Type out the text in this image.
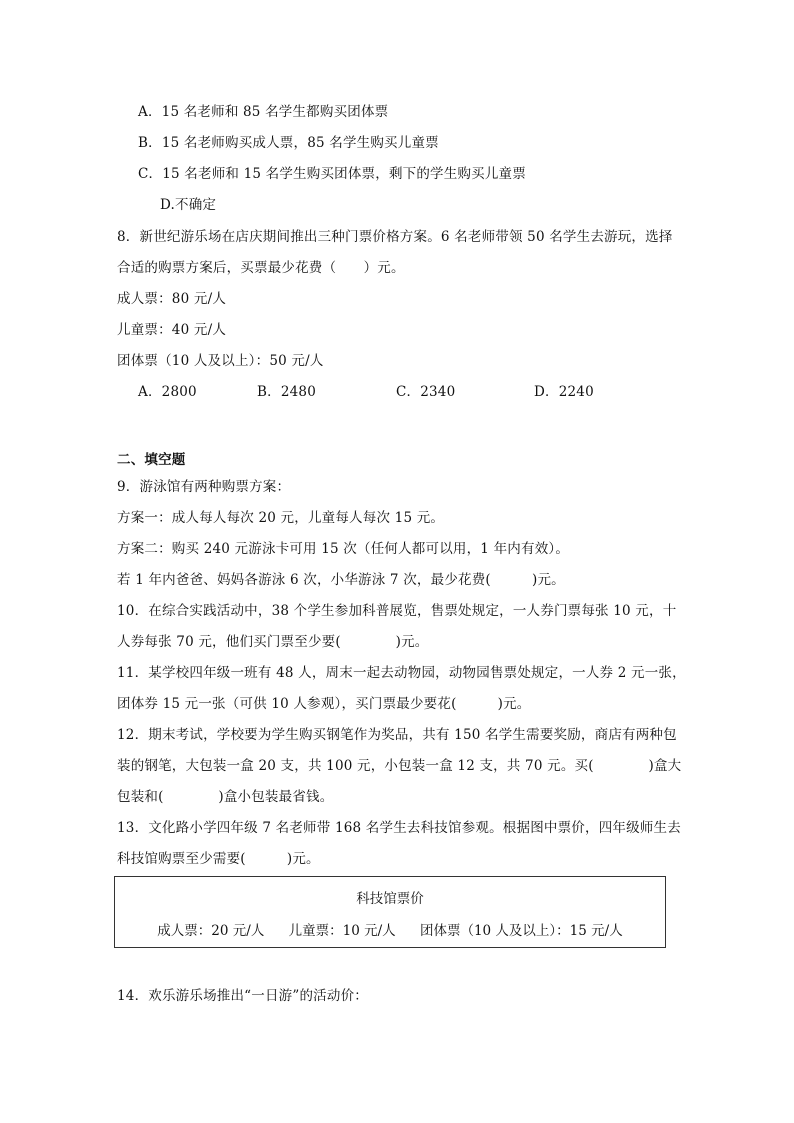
A．15 名老师和 85 名学生都购买团体票
B．15 名老师购买成人票，85 名学生购买儿童票
C．15 名老师和 15 名学生购买团体票，剩下的学生购买儿童票
D.不确定
8．新世纪游乐场在店庆期间推出三种门票价格方案。6 名老师带领 50 名学生去游玩，选择
合适的购票方案后，买票最少花费（　　）元。
成人票：80 元/人
儿童票：40 元/人
团体票（10 人及以上）：50 元/人
A．2800	B．2480	C．2340	D．2240
二、填空题
9．游泳馆有两种购票方案：
方案一：成人每人每次 20 元，儿童每人每次 15 元。
方案二：购买 240 元游泳卡可用 15 次（任何人都可以用，1 年内有效）。
若 1 年内爸爸、妈妈各游泳 6 次，小华游泳 7 次，最少花费(　　　)元。
10．在综合实践活动中，38 个学生参加科普展览，售票处规定，一人券门票每张 10 元，十
人券每张 70 元，他们买门票至少要(　　　　)元。
11．某学校四年级一班有 48 人，周末一起去动物园，动物园售票处规定，一人券 2 元一张，
团体券 15 元一张（可供 10 人参观），买门票最少要花(　　　)元。
12．期末考试，学校要为学生购买钢笔作为奖品，共有 150 名学生需要奖励，商店有两种包
装的钢笔，大包装一盒 20 支，共 100 元，小包装一盒 12 支，共 70 元。买(　　　　)盒大
包装和(　　　　)盒小包装最省钱。
13．文化路小学四年级 7 名老师带 168 名学生去科技馆参观。根据图中票价，四年级师生去
科技馆购票至少需要(　　　)元。
科技馆票价
成人票：20 元/人 儿童票：10 元/人 团体票（10 人及以上）：15 元/人
14．欢乐游乐场推出“一日游”的活动价：
